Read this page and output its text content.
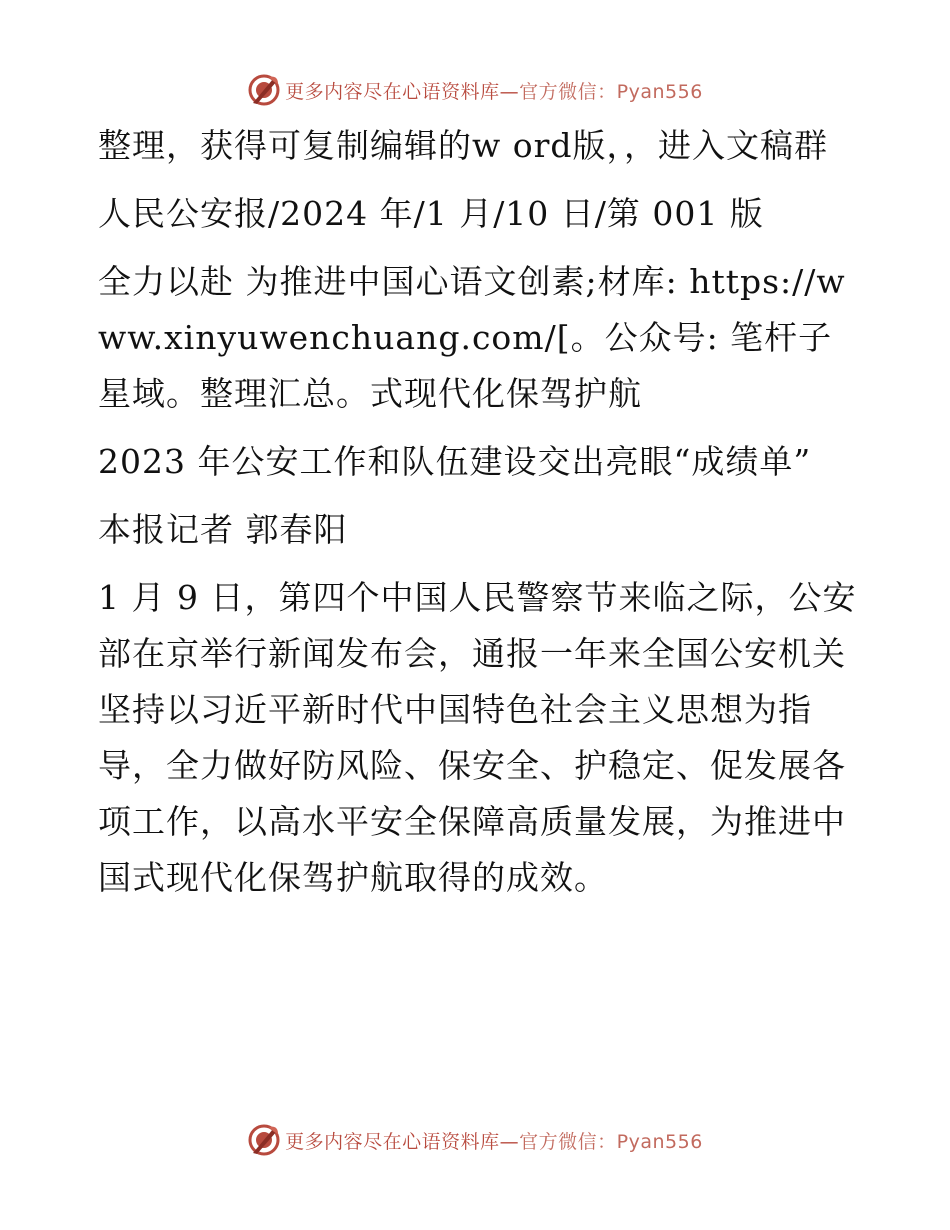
更多内容尽在心语资料库—官方微信：Pyan556

整理，获得可复制编辑的w ord版，，进入文稿群

人民公安报/2024 年/1 月/10 日/第 001 版

全力以赴 为推进中国心语文创素;材库: https://www.xinyuwenchuang.com/[。公众号: 笔杆子星域。整理汇总。式现代化保驾护航

2023 年公安工作和队伍建设交出亮眼“成绩单”

本报记者 郭春阳

1 月 9 日，第四个中国人民警察节来临之际，公安部在京举行新闻发布会，通报一年来全国公安机关坚持以习近平新时代中国特色社会主义思想为指导，全力做好防风险、保安全、护稳定、促发展各项工作，以高水平安全保障高质量发展，为推进中国式现代化保驾护航取得的成效。

更多内容尽在心语资料库—官方微信：Pyan556
